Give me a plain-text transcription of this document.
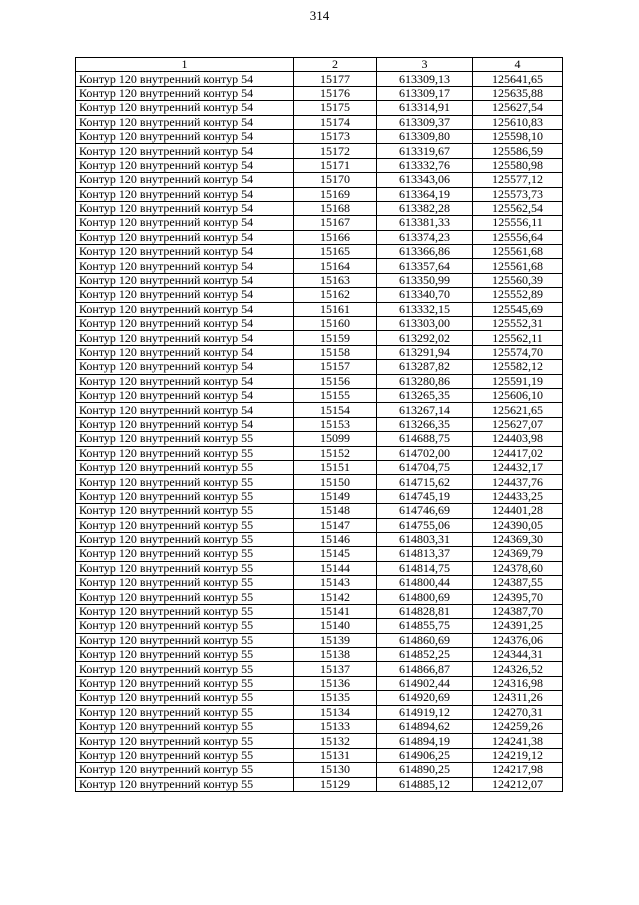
314
1	2	3	4
Контур 120 внутренний контур 54	15177	613309,13	125641,65
Контур 120 внутренний контур 54	15176	613309,17	125635,88
Контур 120 внутренний контур 54	15175	613314,91	125627,54
Контур 120 внутренний контур 54	15174	613309,37	125610,83
Контур 120 внутренний контур 54	15173	613309,80	125598,10
Контур 120 внутренний контур 54	15172	613319,67	125586,59
Контур 120 внутренний контур 54	15171	613332,76	125580,98
Контур 120 внутренний контур 54	15170	613343,06	125577,12
Контур 120 внутренний контур 54	15169	613364,19	125573,73
Контур 120 внутренний контур 54	15168	613382,28	125562,54
Контур 120 внутренний контур 54	15167	613381,33	125556,11
Контур 120 внутренний контур 54	15166	613374,23	125556,64
Контур 120 внутренний контур 54	15165	613366,86	125561,68
Контур 120 внутренний контур 54	15164	613357,64	125561,68
Контур 120 внутренний контур 54	15163	613350,99	125560,39
Контур 120 внутренний контур 54	15162	613340,70	125552,89
Контур 120 внутренний контур 54	15161	613332,15	125545,69
Контур 120 внутренний контур 54	15160	613303,00	125552,31
Контур 120 внутренний контур 54	15159	613292,02	125562,11
Контур 120 внутренний контур 54	15158	613291,94	125574,70
Контур 120 внутренний контур 54	15157	613287,82	125582,12
Контур 120 внутренний контур 54	15156	613280,86	125591,19
Контур 120 внутренний контур 54	15155	613265,35	125606,10
Контур 120 внутренний контур 54	15154	613267,14	125621,65
Контур 120 внутренний контур 54	15153	613266,35	125627,07
Контур 120 внутренний контур 55	15099	614688,75	124403,98
Контур 120 внутренний контур 55	15152	614702,00	124417,02
Контур 120 внутренний контур 55	15151	614704,75	124432,17
Контур 120 внутренний контур 55	15150	614715,62	124437,76
Контур 120 внутренний контур 55	15149	614745,19	124433,25
Контур 120 внутренний контур 55	15148	614746,69	124401,28
Контур 120 внутренний контур 55	15147	614755,06	124390,05
Контур 120 внутренний контур 55	15146	614803,31	124369,30
Контур 120 внутренний контур 55	15145	614813,37	124369,79
Контур 120 внутренний контур 55	15144	614814,75	124378,60
Контур 120 внутренний контур 55	15143	614800,44	124387,55
Контур 120 внутренний контур 55	15142	614800,69	124395,70
Контур 120 внутренний контур 55	15141	614828,81	124387,70
Контур 120 внутренний контур 55	15140	614855,75	124391,25
Контур 120 внутренний контур 55	15139	614860,69	124376,06
Контур 120 внутренний контур 55	15138	614852,25	124344,31
Контур 120 внутренний контур 55	15137	614866,87	124326,52
Контур 120 внутренний контур 55	15136	614902,44	124316,98
Контур 120 внутренний контур 55	15135	614920,69	124311,26
Контур 120 внутренний контур 55	15134	614919,12	124270,31
Контур 120 внутренний контур 55	15133	614894,62	124259,26
Контур 120 внутренний контур 55	15132	614894,19	124241,38
Контур 120 внутренний контур 55	15131	614906,25	124219,12
Контур 120 внутренний контур 55	15130	614890,25	124217,98
Контур 120 внутренний контур 55	15129	614885,12	124212,07
